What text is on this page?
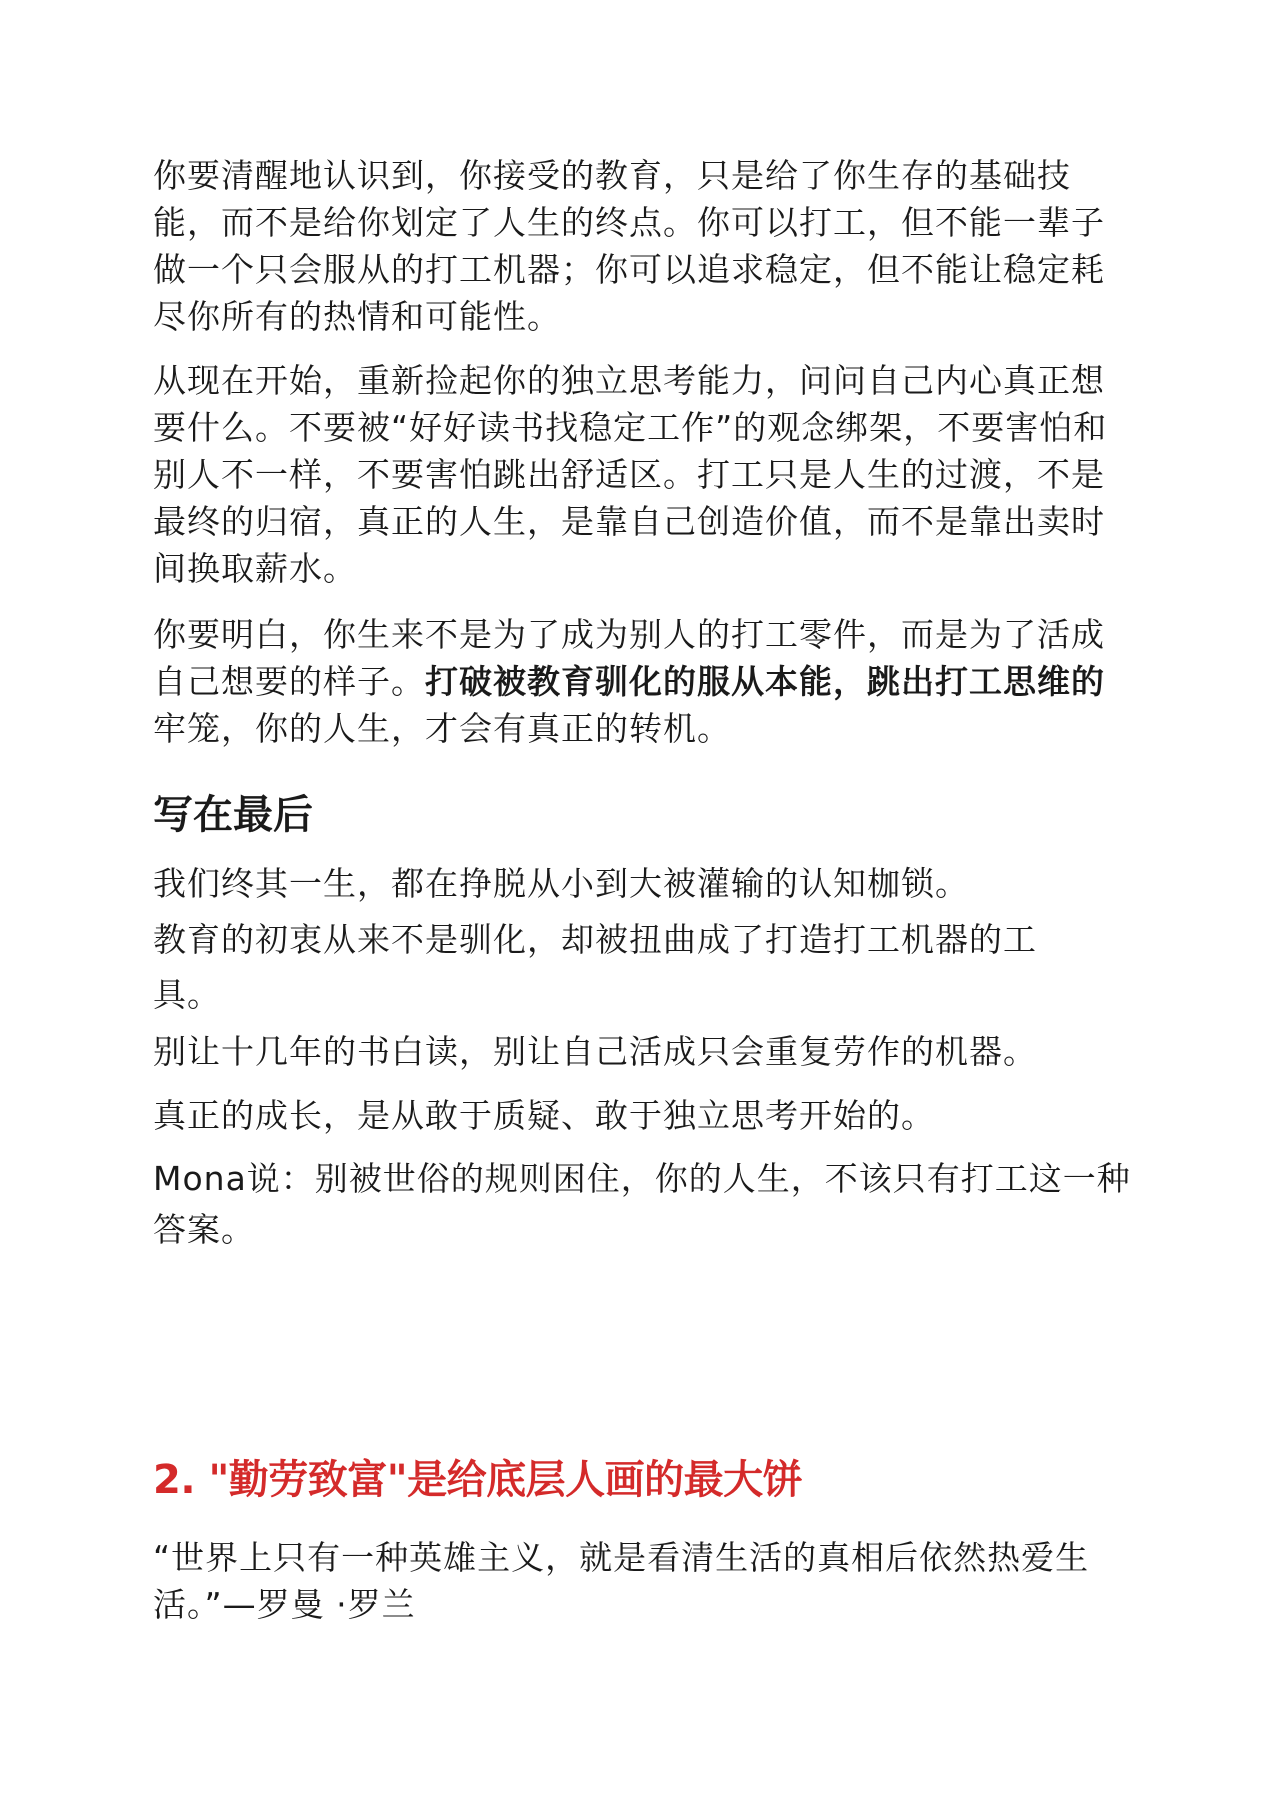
你要清醒地认识到，你接受的教育，只是给了你生存的基础技能，而不是给你划定了人生的终点。你可以打工，但不能一辈子做一个只会服从的打工机器；你可以追求稳定，但不能让稳定耗尽你所有的热情和可能性。

从现在开始，重新捡起你的独立思考能力，问问自己内心真正想要什么。不要被“好好读书找稳定工作”的观念绑架，不要害怕和别人不一样，不要害怕跳出舒适区。打工只是人生的过渡，不是最终的归宿，真正的人生，是靠自己创造价值，而不是靠出卖时间换取薪水。

你要明白，你生来不是为了成为别人的打工零件，而是为了活成自己想要的样子。打破被教育驯化的服从本能，跳出打工思维的牢笼，你的人生，才会有真正的转机。

写在最后

我们终其一生，都在挣脱从小到大被灌输的认知枷锁。

教育的初衷从来不是驯化，却被扭曲成了打造打工机器的工

具。

别让十几年的书白读，别让自己活成只会重复劳作的机器。

真正的成长，是从敢于质疑、敢于独立思考开始的。

Mona说：别被世俗的规则困住，你的人生，不该只有打工这一种

答案。

2. "勤劳致富"是给底层人画的最大饼

“世界上只有一种英雄主义，就是看清生活的真相后依然热爱生

活。”—罗曼 ·罗兰
